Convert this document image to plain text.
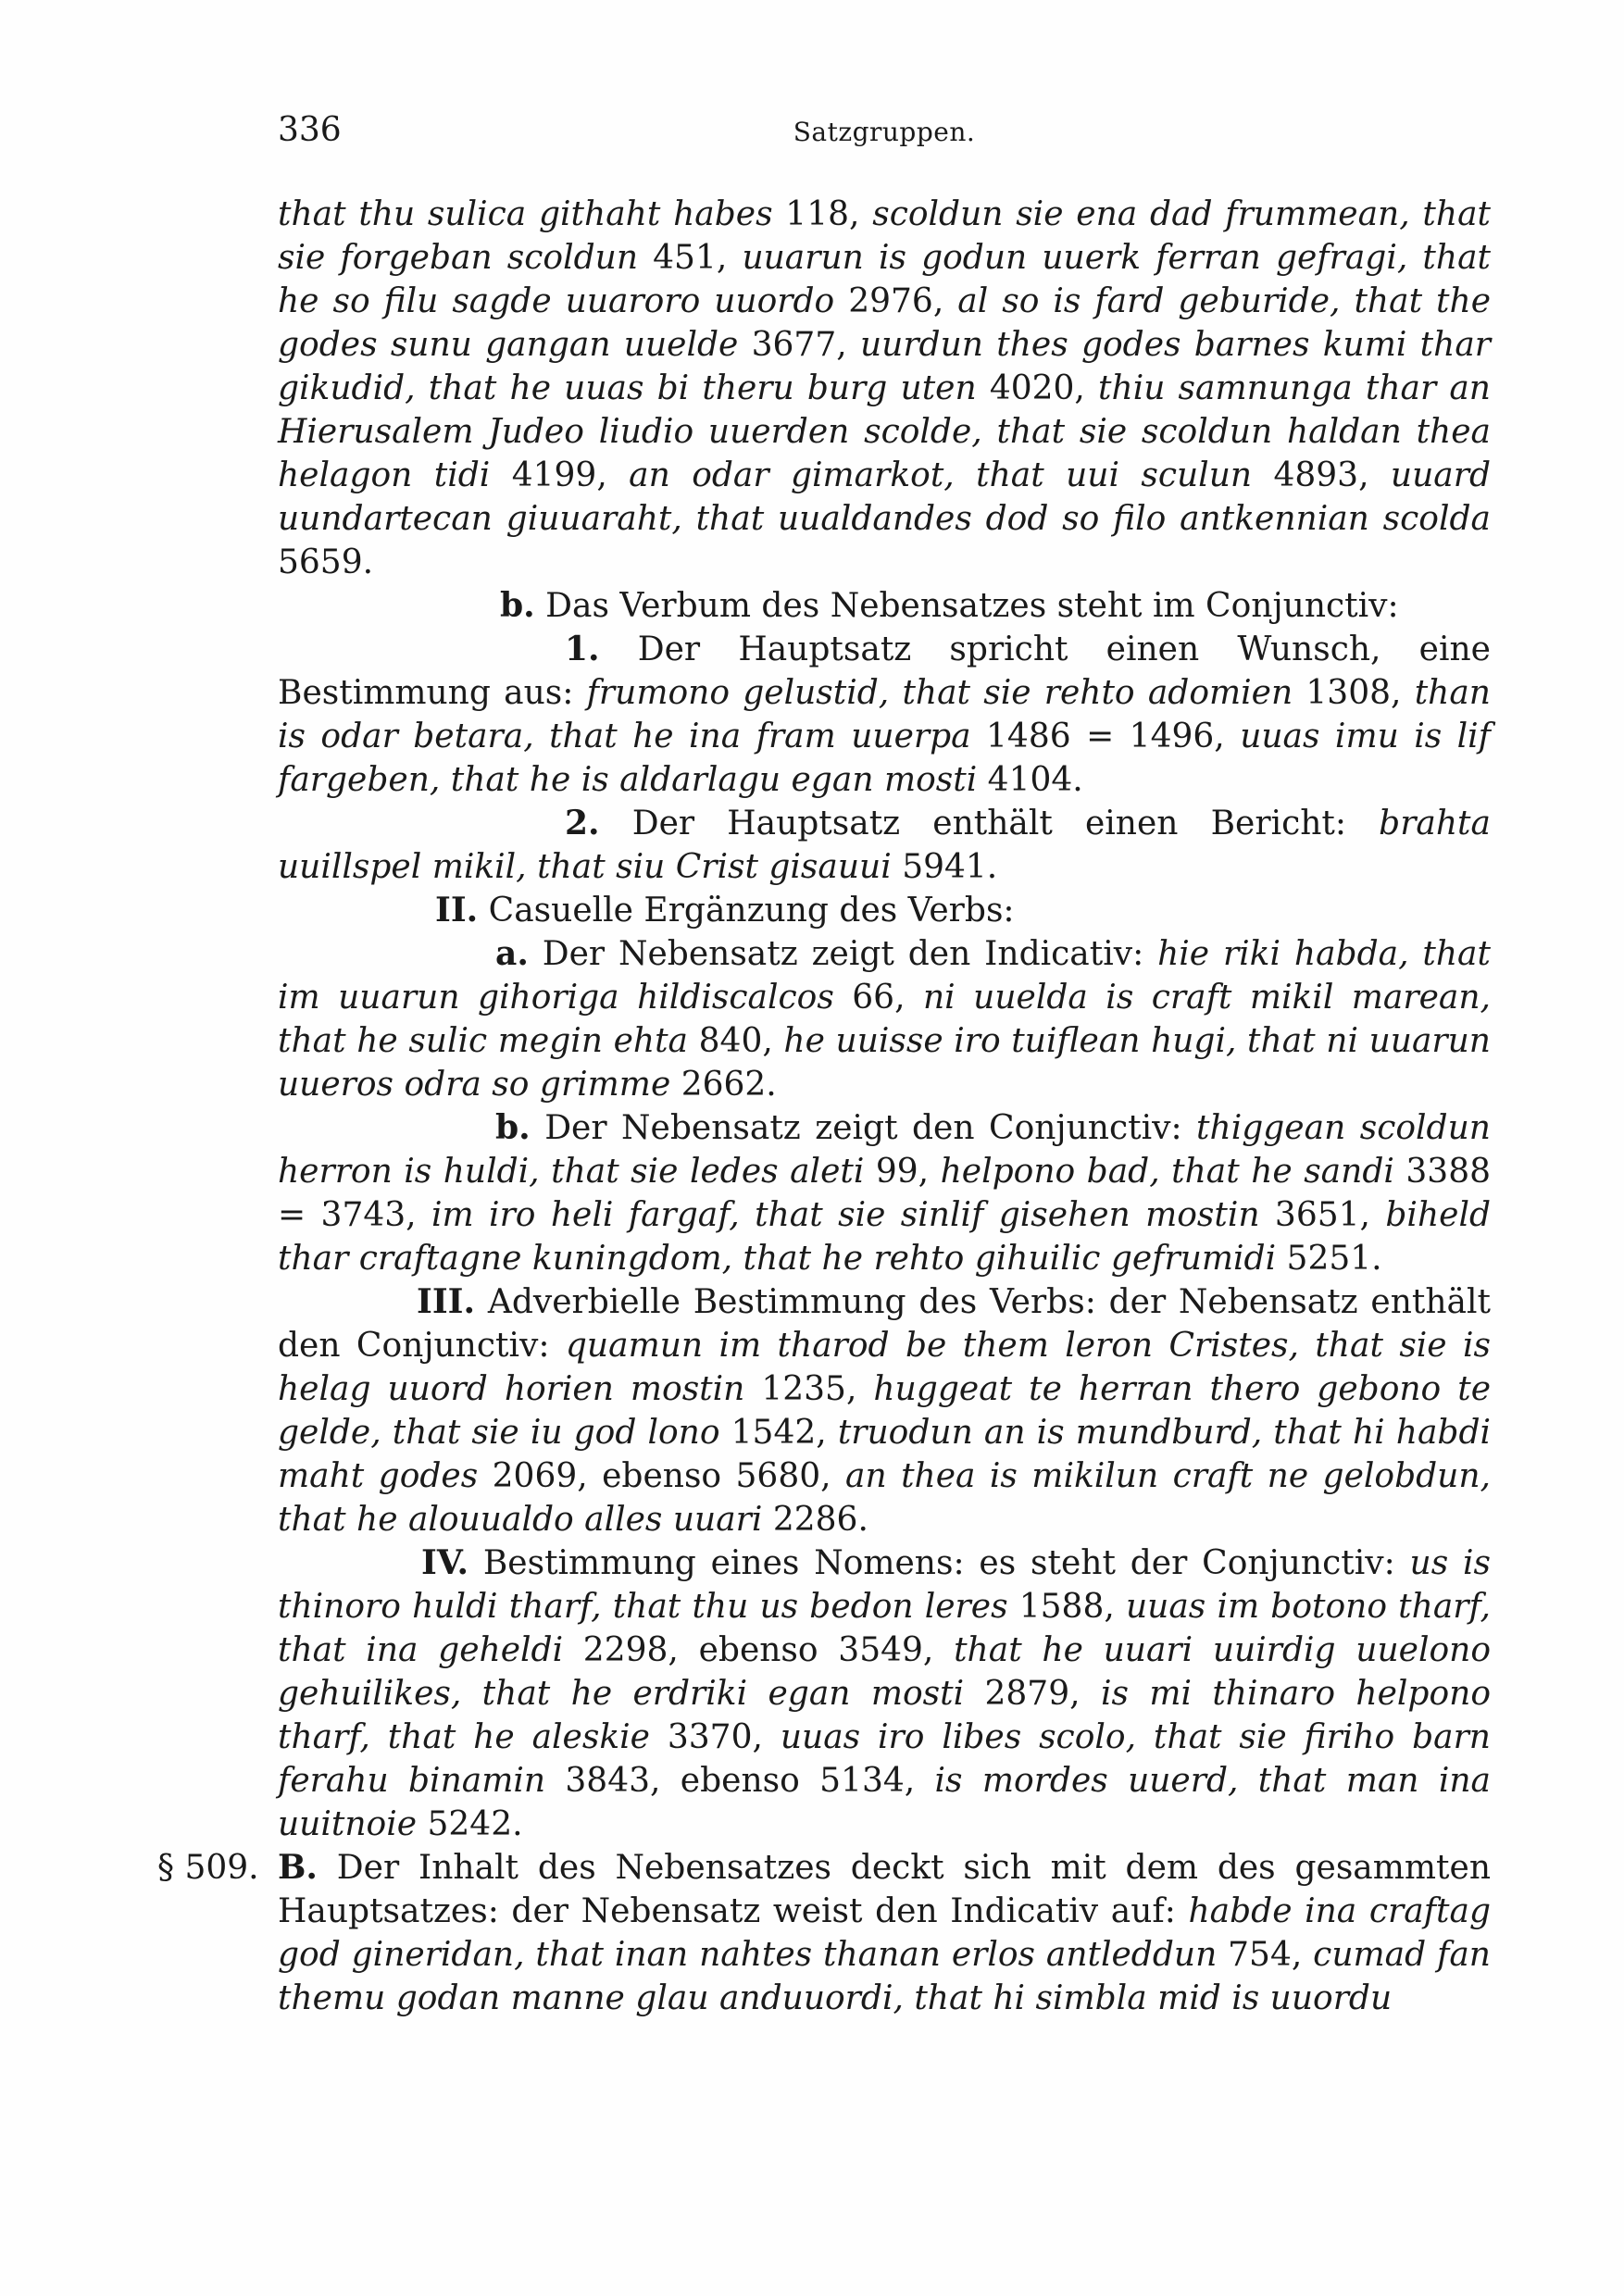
336	Satzgruppen.

that thu sulica githaht habes 118, scoldun sie ena dad frummean, that sie forgeban scoldun 451, uuarun is godun uuerk ferran gefragi, that he so filu sagde uuaroro uuordo 2976, al so is fard geburide, that the godes sunu gangan uuelde 3677, uurdun thes godes barnes kumi thar gikudid, that he uuas bi theru burg uten 4020, thiu samnunga thar an Hierusalem Judeo liudio uuerden scolde, that sie scoldun haldan thea helagon tidi 4199, an odar gimarkot, that uui sculun 4893, uuard uundartecan giuuaraht, that uualdandes dod so filo antkennian scolda 5659.

b. Das Verbum des Nebensatzes steht im Conjunctiv:

1. Der Hauptsatz spricht einen Wunsch, eine Bestimmung aus: frumono gelustid, that sie rehto adomien 1308, than is odar betara, that he ina fram uuerpa 1486 = 1496, uuas imu is lif fargeben, that he is aldarlagu egan mosti 4104.

2. Der Hauptsatz enthält einen Bericht: brahta uuillspel mikil, that siu Crist gisauui 5941.

II. Casuelle Ergänzung des Verbs:

a. Der Nebensatz zeigt den Indicativ: hie riki habda, that im uuarun gihoriga hildiscalcos 66, ni uuelda is craft mikil marean, that he sulic megin ehta 840, he uuisse iro tuiflean hugi, that ni uuarun uueros odra so grimme 2662.

b. Der Nebensatz zeigt den Conjunctiv: thiggean scoldun herron is huldi, that sie ledes aleti 99, helpono bad, that he sandi 3388 = 3743, im iro heli fargaf, that sie sinlif gisehen mostin 3651, biheld thar craftagne kuningdom, that he rehto gihuilic gefrumidi 5251.

III. Adverbielle Bestimmung des Verbs: der Nebensatz enthält den Conjunctiv: quamun im tharod be them leron Cristes, that sie is helag uuord horien mostin 1235, huggeat te herran thero gebono te gelde, that sie iu god lono 1542, truodun an is mundburd, that hi habdi maht godes 2069, ebenso 5680, an thea is mikilun craft ne gelobdun, that he alouualdo alles uuari 2286.

IV. Bestimmung eines Nomens: es steht der Conjunctiv: us is thinoro huldi tharf, that thu us bedon leres 1588, uuas im botono tharf, that ina geheldi 2298, ebenso 3549, that he uuari uuirdig uuelono gehuilikes, that he erdriki egan mosti 2879, is mi thinaro helpono tharf, that he aleskie 3370, uuas iro libes scolo, that sie firiho barn ferahu binamin 3843, ebenso 5134, is mordes uuerd, that man ina uuitnoie 5242.

§ 509. B. Der Inhalt des Nebensatzes deckt sich mit dem des gesammten Hauptsatzes: der Nebensatz weist den Indicativ auf: habde ina craftag god gineridan, that inan nahtes thanan erlos antleddun 754, cumad fan themu godan manne glau anduuordi, that hi simbla mid is uuordu
